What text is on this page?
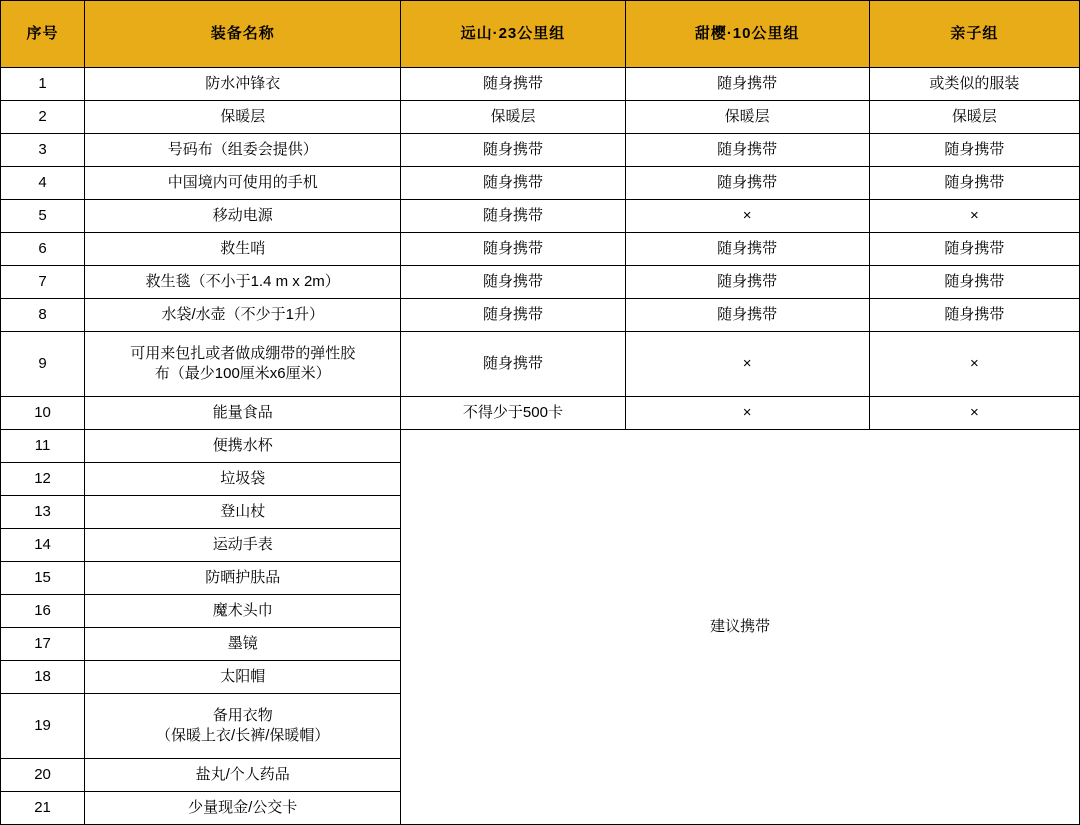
序号	装备名称	远山·23公里组	甜樱·10公里组	亲子组
1	防水冲锋衣	随身携带	随身携带	或类似的服装
2	保暖层	保暖层	保暖层	保暖层
3	号码布（组委会提供）	随身携带	随身携带	随身携带
4	中国境内可使用的手机	随身携带	随身携带	随身携带
5	移动电源	随身携带	×	×
6	救生哨	随身携带	随身携带	随身携带
7	救生毯（不小于1.4 m x 2m）	随身携带	随身携带	随身携带
8	水袋/水壶（不少于1升）	随身携带	随身携带	随身携带
9	可用来包扎或者做成绷带的弹性胶
布（最少100厘米x6厘米）	随身携带	×	×
10	能量食品	不得少于500卡	×	×
11	便携水杯	建议携带		
12	垃圾袋			
13	登山杖			
14	运动手表			
15	防晒护肤品			
16	魔术头巾			
17	墨镜			
18	太阳帽			
19	备用衣物
（保暖上衣/长裤/保暖帽）			

20	盐丸/个人药品			
21	少量现金/公交卡			
